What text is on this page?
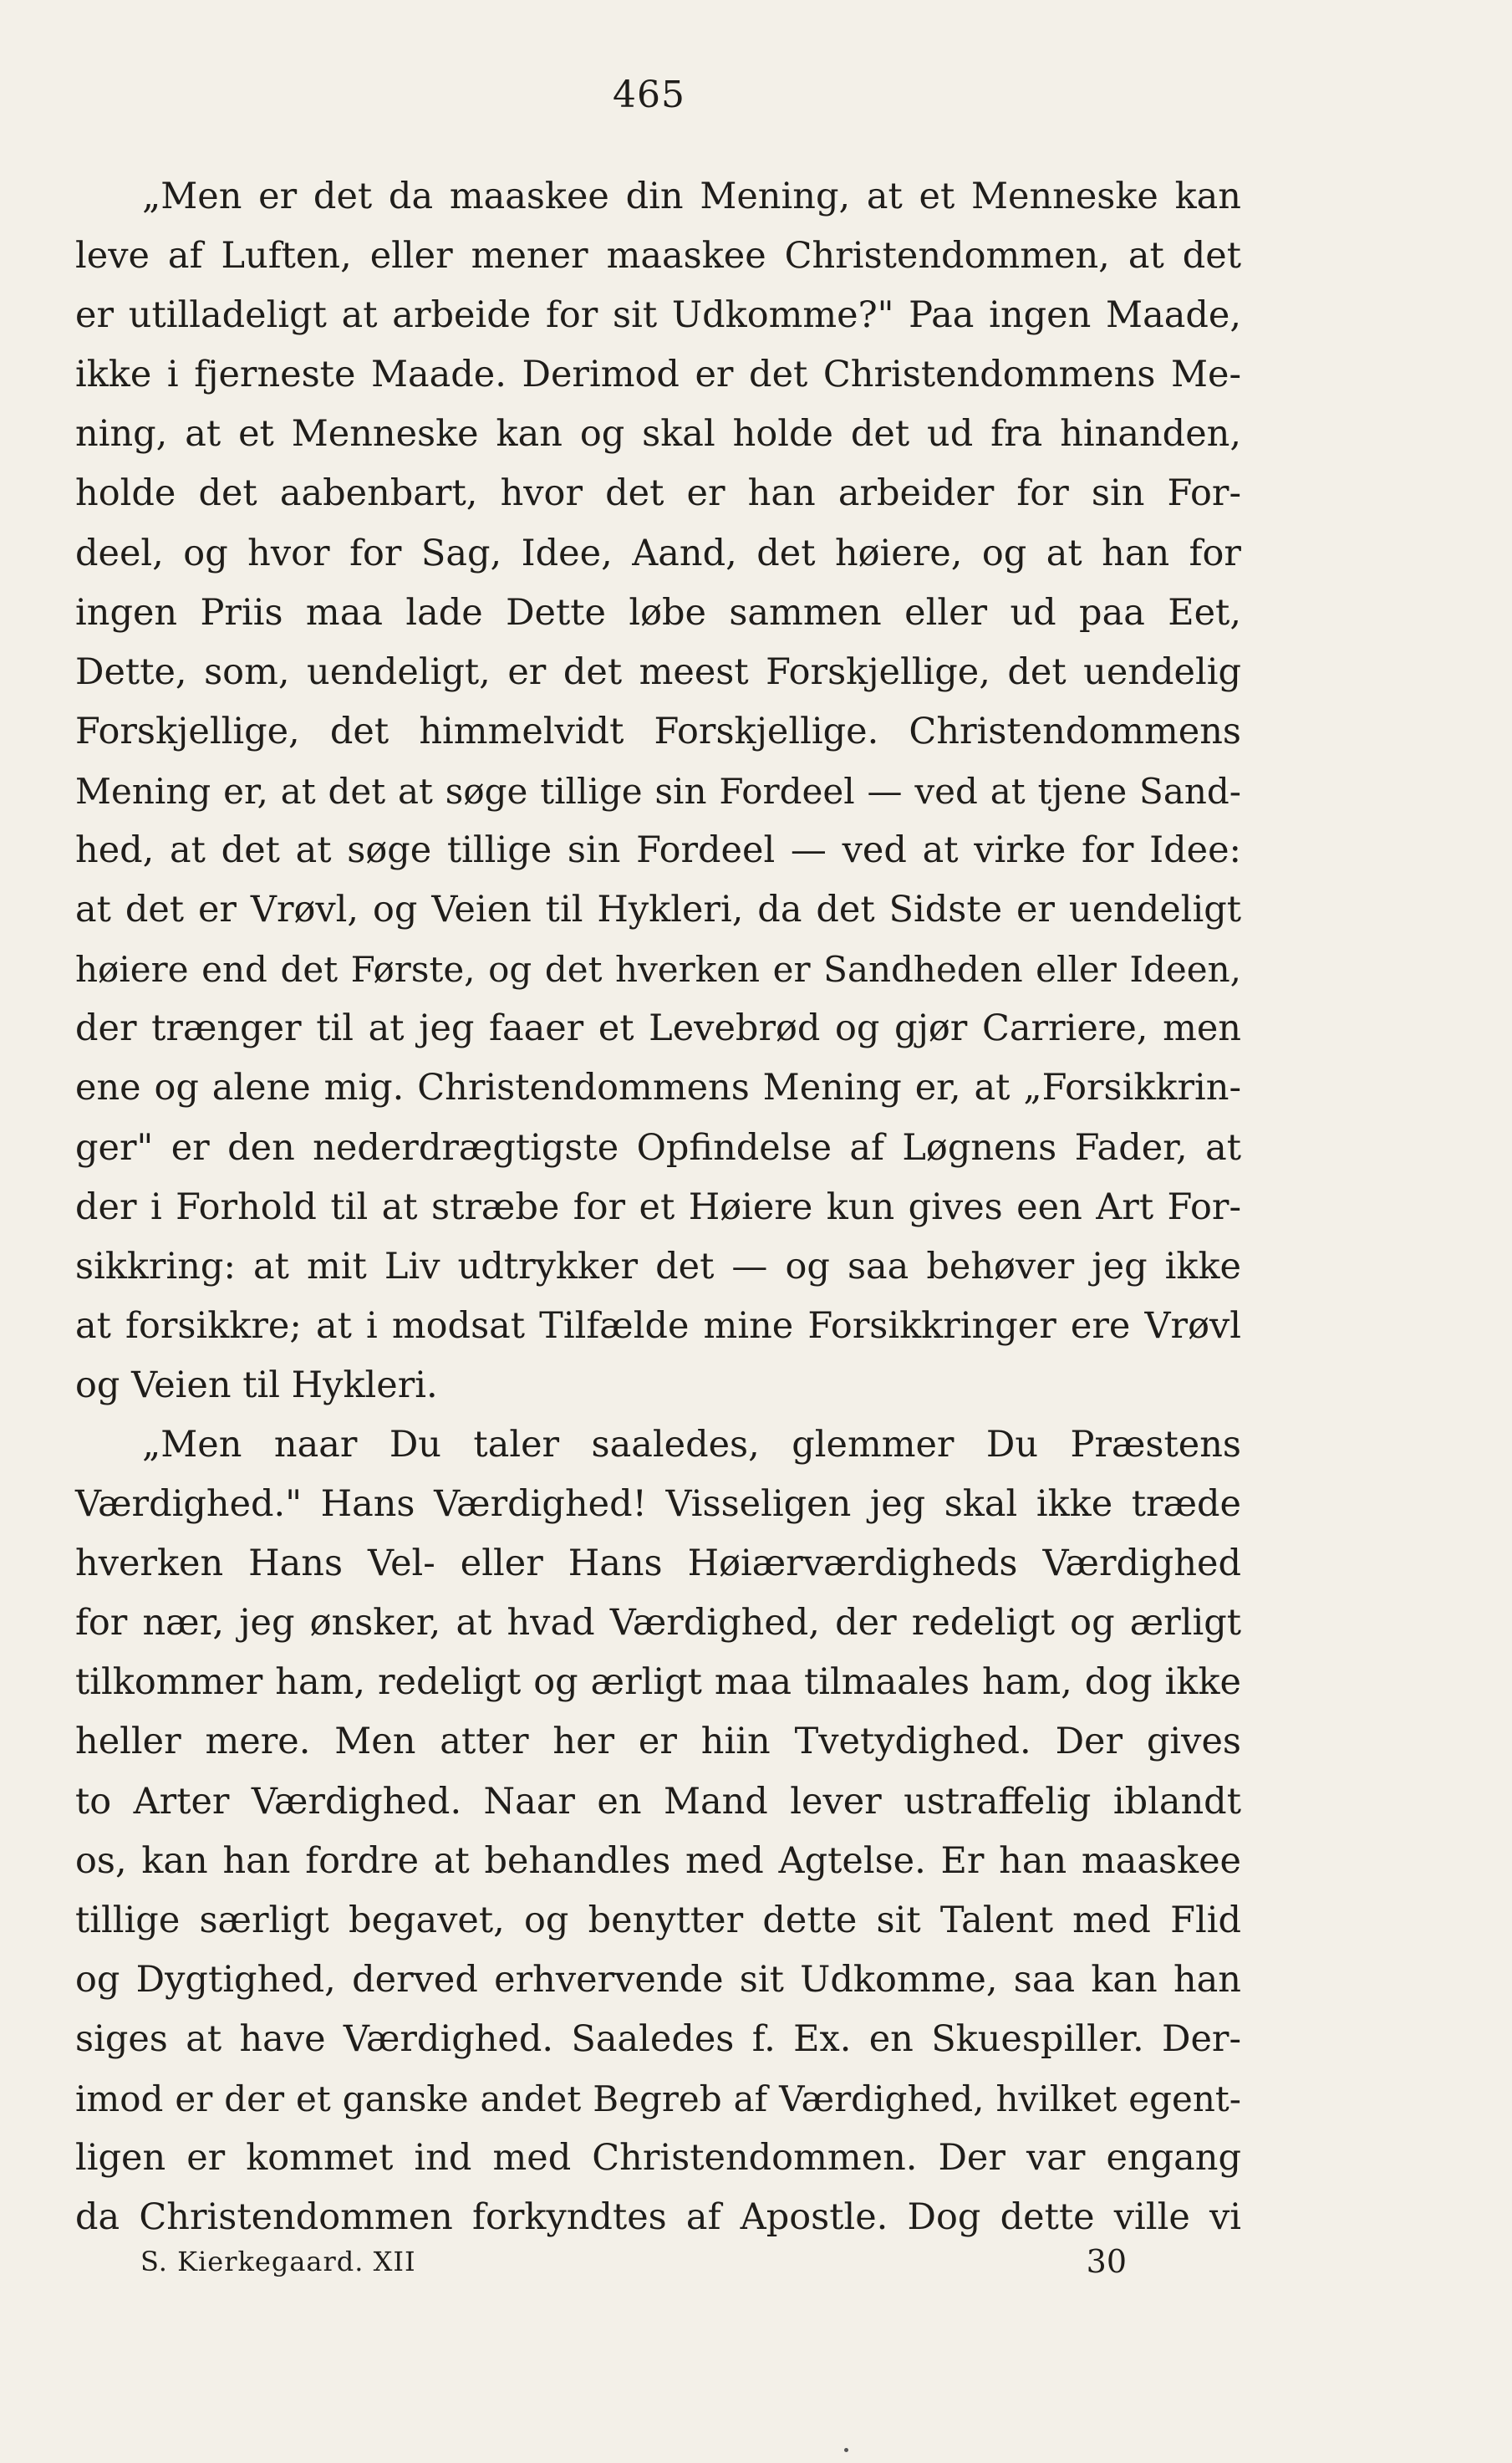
465
„Men er det da maaskee din Mening, at et Menneske kan
leve af Luften, eller mener maaskee Christendommen, at det
er utilladeligt at arbeide for sit Udkomme?" Paa ingen Maade,
ikke i fjerneste Maade. Derimod er det Christendommens Me-
ning, at et Menneske kan og skal holde det ud fra hinanden,
holde det aabenbart, hvor det er han arbeider for sin For-
deel, og hvor for Sag, Idee, Aand, det høiere, og at han for
ingen Priis maa lade Dette løbe sammen eller ud paa Eet,
Dette, som, uendeligt, er det meest Forskjellige, det uendelig
Forskjellige, det himmelvidt Forskjellige. Christendommens
Mening er, at det at søge tillige sin Fordeel — ved at tjene Sand-
hed, at det at søge tillige sin Fordeel — ved at virke for Idee:
at det er Vrøvl, og Veien til Hykleri, da det Sidste er uendeligt
høiere end det Første, og det hverken er Sandheden eller Ideen,
der trænger til at jeg faaer et Levebrød og gjør Carriere, men
ene og alene mig. Christendommens Mening er, at „Forsikkrin-
ger" er den nederdrægtigste Opfindelse af Løgnens Fader, at
der i Forhold til at stræbe for et Høiere kun gives een Art For-
sikkring: at mit Liv udtrykker det — og saa behøver jeg ikke
at forsikkre; at i modsat Tilfælde mine Forsikkringer ere Vrøvl
og Veien til Hykleri.
„Men naar Du taler saaledes, glemmer Du Præstens
Værdighed." Hans Værdighed! Visseligen jeg skal ikke træde
hverken Hans Vel- eller Hans Høiærværdigheds Værdighed
for nær, jeg ønsker, at hvad Værdighed, der redeligt og ærligt
tilkommer ham, redeligt og ærligt maa tilmaales ham, dog ikke
heller mere. Men atter her er hiin Tvetydighed. Der gives
to Arter Værdighed. Naar en Mand lever ustraffelig iblandt
os, kan han fordre at behandles med Agtelse. Er han maaskee
tillige særligt begavet, og benytter dette sit Talent med Flid
og Dygtighed, derved erhvervende sit Udkomme, saa kan han
siges at have Værdighed. Saaledes f. Ex. en Skuespiller. Der-
imod er der et ganske andet Begreb af Værdighed, hvilket egent-
ligen er kommet ind med Christendommen. Der var engang
da Christendommen forkyndtes af Apostle. Dog dette ville vi
S. Kierkegaard. XII	30
